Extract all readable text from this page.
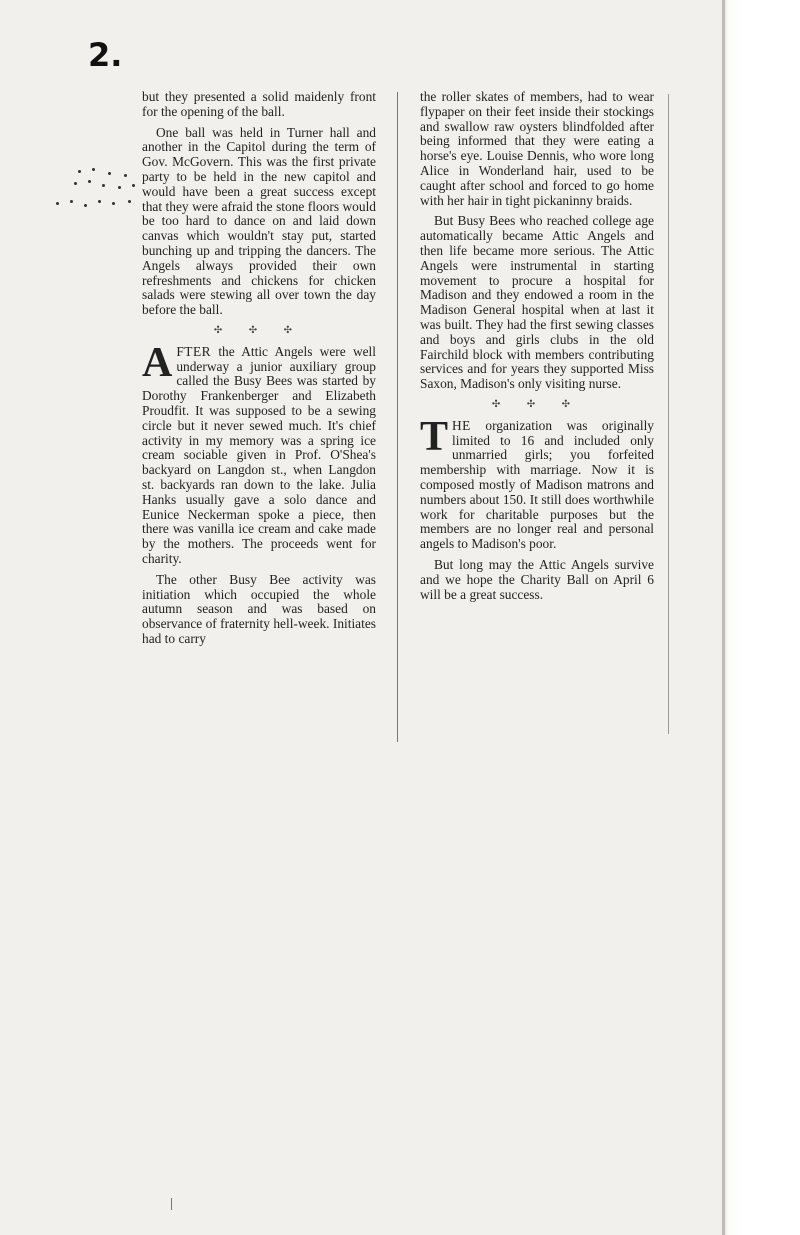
2.

but they presented a solid maidenly front for the opening of the ball.

One ball was held in Turner hall and another in the Capitol during the term of Gov. McGovern. This was the first private party to be held in the new capitol and would have been a great success except that they were afraid the stone floors would be too hard to dance on and laid down canvas which wouldn't stay put, started bunching up and tripping the dancers. The Angels always provided their own refreshments and chickens for chicken salads were stewing all over town the day before the ball.

✣ ✣ ✣

AFTER the Attic Angels were well underway a junior auxiliary group called the Busy Bees was started by Dorothy Frankenberger and Elizabeth Proudfit. It was supposed to be a sewing circle but it never sewed much. It's chief activity in my memory was a spring ice cream sociable given in Prof. O'Shea's backyard on Langdon st., when Langdon st. backyards ran down to the lake. Julia Hanks usually gave a solo dance and Eunice Neckerman spoke a piece, then there was vanilla ice cream and cake made by the mothers. The proceeds went for charity.

The other Busy Bee activity was initiation which occupied the whole autumn season and was based on observance of fraternity hell-week. Initiates had to carry

the roller skates of members, had to wear flypaper on their feet inside their stockings and swallow raw oysters blindfolded after being informed that they were eating a horse's eye. Louise Dennis, who wore long Alice in Wonderland hair, used to be caught after school and forced to go home with her hair in tight pickaninny braids.

But Busy Bees who reached college age automatically became Attic Angels and then life became more serious. The Attic Angels were instrumental in starting movement to procure a hospital for Madison and they endowed a room in the Madison General hospital when at last it was built. They had the first sewing classes and boys and girls clubs in the old Fairchild block with members contributing services and for years they supported Miss Saxon, Madison's only visiting nurse.

✣ ✣ ✣

THE organization was originally limited to 16 and included only unmarried girls; you forfeited membership with marriage. Now it is composed mostly of Madison matrons and numbers about 150. It still does worthwhile work for charitable purposes but the members are no longer real and personal angels to Madison's poor.

But long may the Attic Angels survive and we hope the Charity Ball on April 6 will be a great success.
